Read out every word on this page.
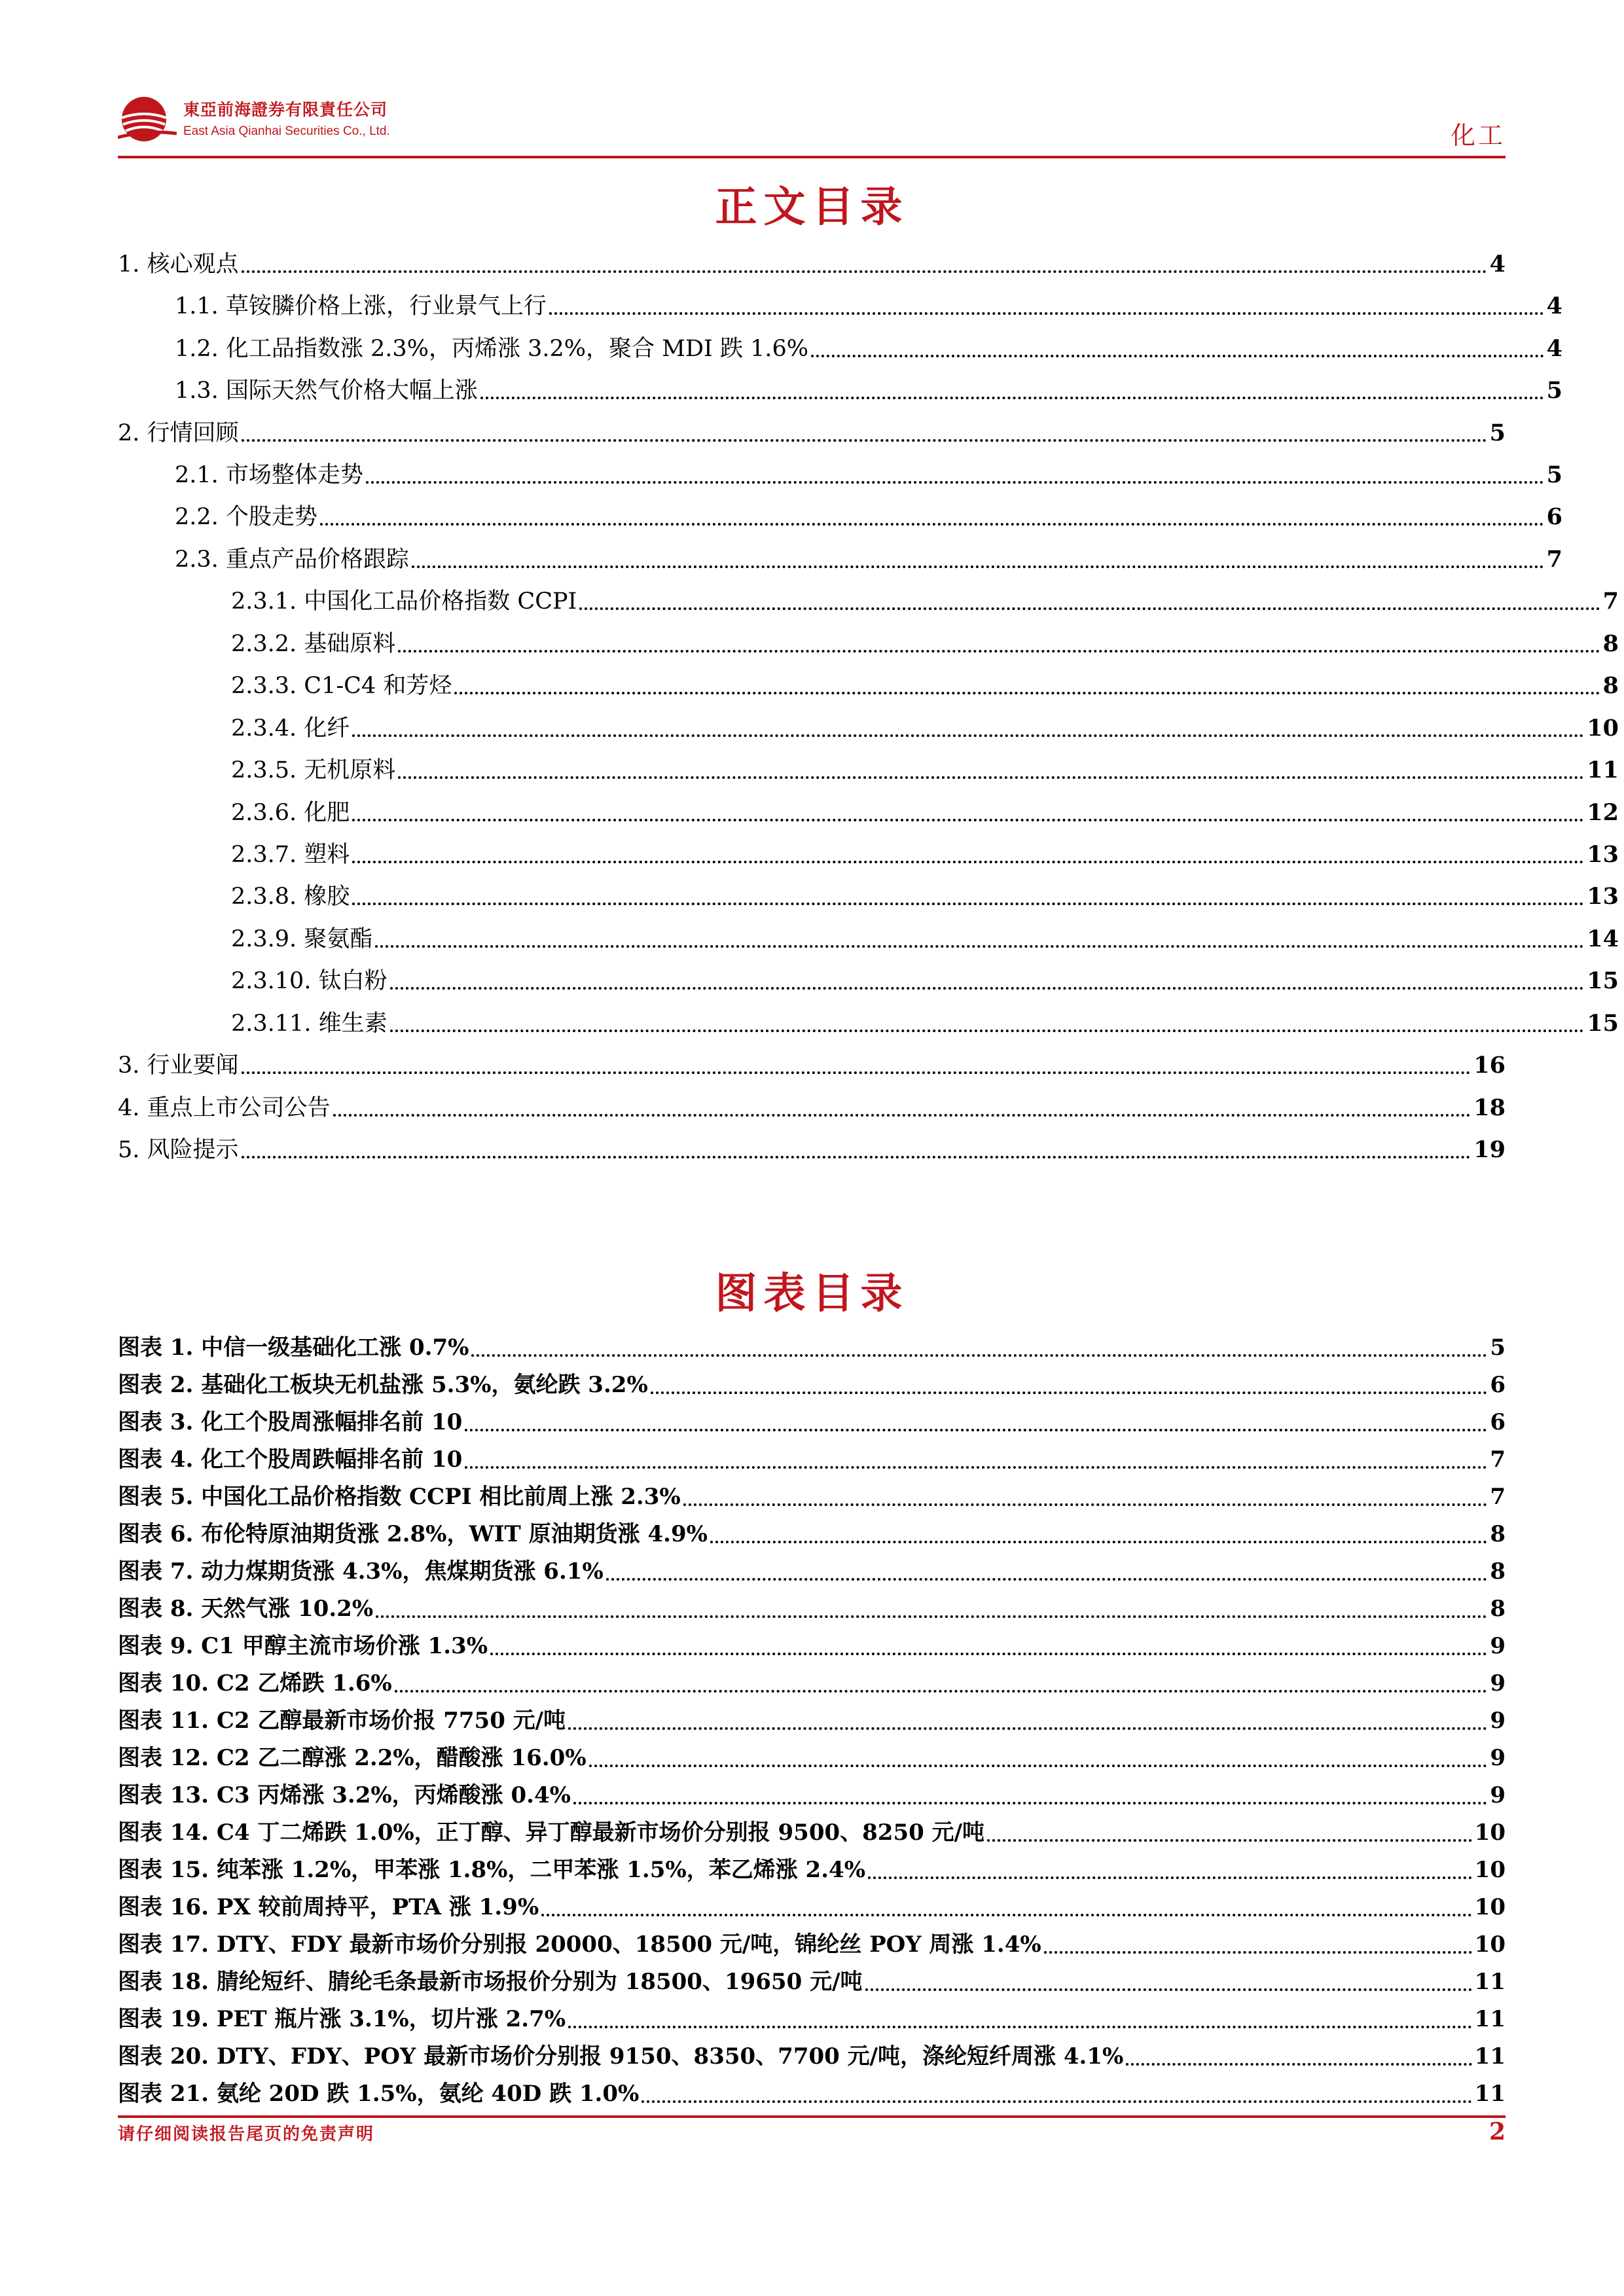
東亞前海證券有限責任公司
East Asia Qianhai Securities Co., Ltd.	化工
正文目录
1. 核心观点	4
1.1. 草铵膦价格上涨，行业景气上行	4
1.2. 化工品指数涨 2.3%，丙烯涨 3.2%，聚合 MDI 跌 1.6%	4
1.3. 国际天然气价格大幅上涨	5
2. 行情回顾	5
2.1. 市场整体走势	5
2.2. 个股走势	6
2.3. 重点产品价格跟踪	7
2.3.1. 中国化工品价格指数 CCPI	7
2.3.2. 基础原料	8
2.3.3. C1-C4 和芳烃	8
2.3.4. 化纤	10
2.3.5. 无机原料	11
2.3.6. 化肥	12
2.3.7. 塑料	13
2.3.8. 橡胶	13
2.3.9. 聚氨酯	14
2.3.10. 钛白粉	15
2.3.11. 维生素	15
3. 行业要闻	16
4. 重点上市公司公告	18
5. 风险提示	19
图表目录
图表 1. 中信一级基础化工涨 0.7%	5
图表 2. 基础化工板块无机盐涨 5.3%，氨纶跌 3.2%	6
图表 3. 化工个股周涨幅排名前 10	6
图表 4. 化工个股周跌幅排名前 10	7
图表 5. 中国化工品价格指数 CCPI 相比前周上涨 2.3%	7
图表 6. 布伦特原油期货涨 2.8%，WIT 原油期货涨 4.9%	8
图表 7. 动力煤期货涨 4.3%，焦煤期货涨 6.1%	8
图表 8. 天然气涨 10.2%	8
图表 9. C1 甲醇主流市场价涨 1.3%	9
图表 10. C2 乙烯跌 1.6%	9
图表 11. C2 乙醇最新市场价报 7750 元/吨	9
图表 12. C2 乙二醇涨 2.2%，醋酸涨 16.0%	9
图表 13. C3 丙烯涨 3.2%，丙烯酸涨 0.4%	9
图表 14. C4 丁二烯跌 1.0%，正丁醇、异丁醇最新市场价分别报 9500、8250 元/吨	10
图表 15. 纯苯涨 1.2%，甲苯涨 1.8%，二甲苯涨 1.5%，苯乙烯涨 2.4%	10
图表 16. PX 较前周持平，PTA 涨 1.9%	10
图表 17. DTY、FDY 最新市场价分别报 20000、18500 元/吨，锦纶丝 POY 周涨 1.4%	10
图表 18. 腈纶短纤、腈纶毛条最新市场报价分别为 18500、19650 元/吨	11
图表 19. PET 瓶片涨 3.1%，切片涨 2.7%	11
图表 20. DTY、FDY、POY 最新市场价分别报 9150、8350、7700 元/吨，涤纶短纤周涨 4.1%	11
图表 21. 氨纶 20D 跌 1.5%，氨纶 40D 跌 1.0%	11
请仔细阅读报告尾页的免责声明	2
